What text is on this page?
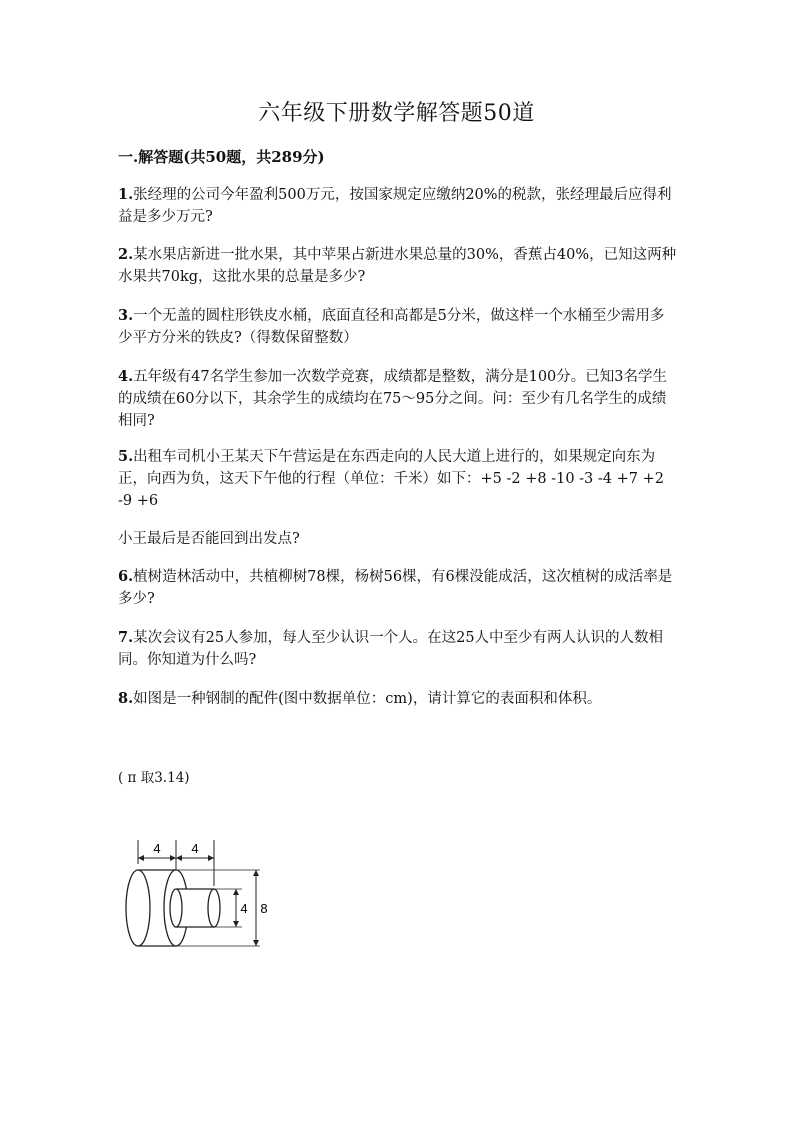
六年级下册数学解答题50道
一.解答题(共50题，共289分)
1.张经理的公司今年盈利500万元，按国家规定应缴纳20%的税款，张经理最后应得利益是多少万元?
2.某水果店新进一批水果，其中苹果占新进水果总量的30%，香蕉占40%，已知这两种水果共70kg，这批水果的总量是多少?
3.一个无盖的圆柱形铁皮水桶，底面直径和高都是5分米，做这样一个水桶至少需用多少平方分米的铁皮?（得数保留整数）
4.五年级有47名学生参加一次数学竞赛，成绩都是整数，满分是100分。已知3名学生的成绩在60分以下，其余学生的成绩均在75～95分之间。问：至少有几名学生的成绩相同?
5.出租车司机小王某天下午营运是在东西走向的人民大道上进行的，如果规定向东为正，向西为负，这天下午他的行程（单位：千米）如下：+5 -2 +8 -10 -3 -4 +7 +2 -9 +6
小王最后是否能回到出发点?
6.植树造林活动中，共植柳树78棵，杨树56棵，有6棵没能成活，这次植树的成活率是多少?
7.某次会议有25人参加，每人至少认识一个人。在这25人中至少有两人认识的人数相同。你知道为什么吗?
8.如图是一种钢制的配件(图中数据单位：cm)，请计算它的表面积和体积。
( π 取3.14)
4 4
4 8
